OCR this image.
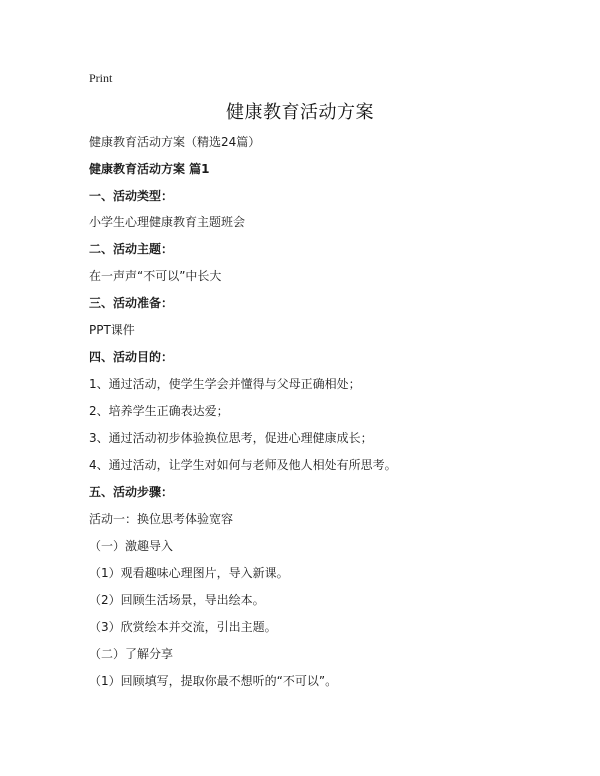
Print
健康教育活动方案
健康教育活动方案（精选24篇）
健康教育活动方案 篇1
一、活动类型：
小学生心理健康教育主题班会
二、活动主题：
在一声声“不可以”中长大
三、活动准备：
PPT课件
四、活动目的：
1、通过活动，使学生学会并懂得与父母正确相处；
2、培养学生正确表达爱；
3、通过活动初步体验换位思考，促进心理健康成长；
4、通过活动，让学生对如何与老师及他人相处有所思考。
五、活动步骤：
活动一：换位思考体验宽容
（一）激趣导入
（1）观看趣味心理图片，导入新课。
（2）回顾生活场景，导出绘本。
（3）欣赏绘本并交流，引出主题。
（二）了解分享
（1）回顾填写，提取你最不想听的“不可以”。
